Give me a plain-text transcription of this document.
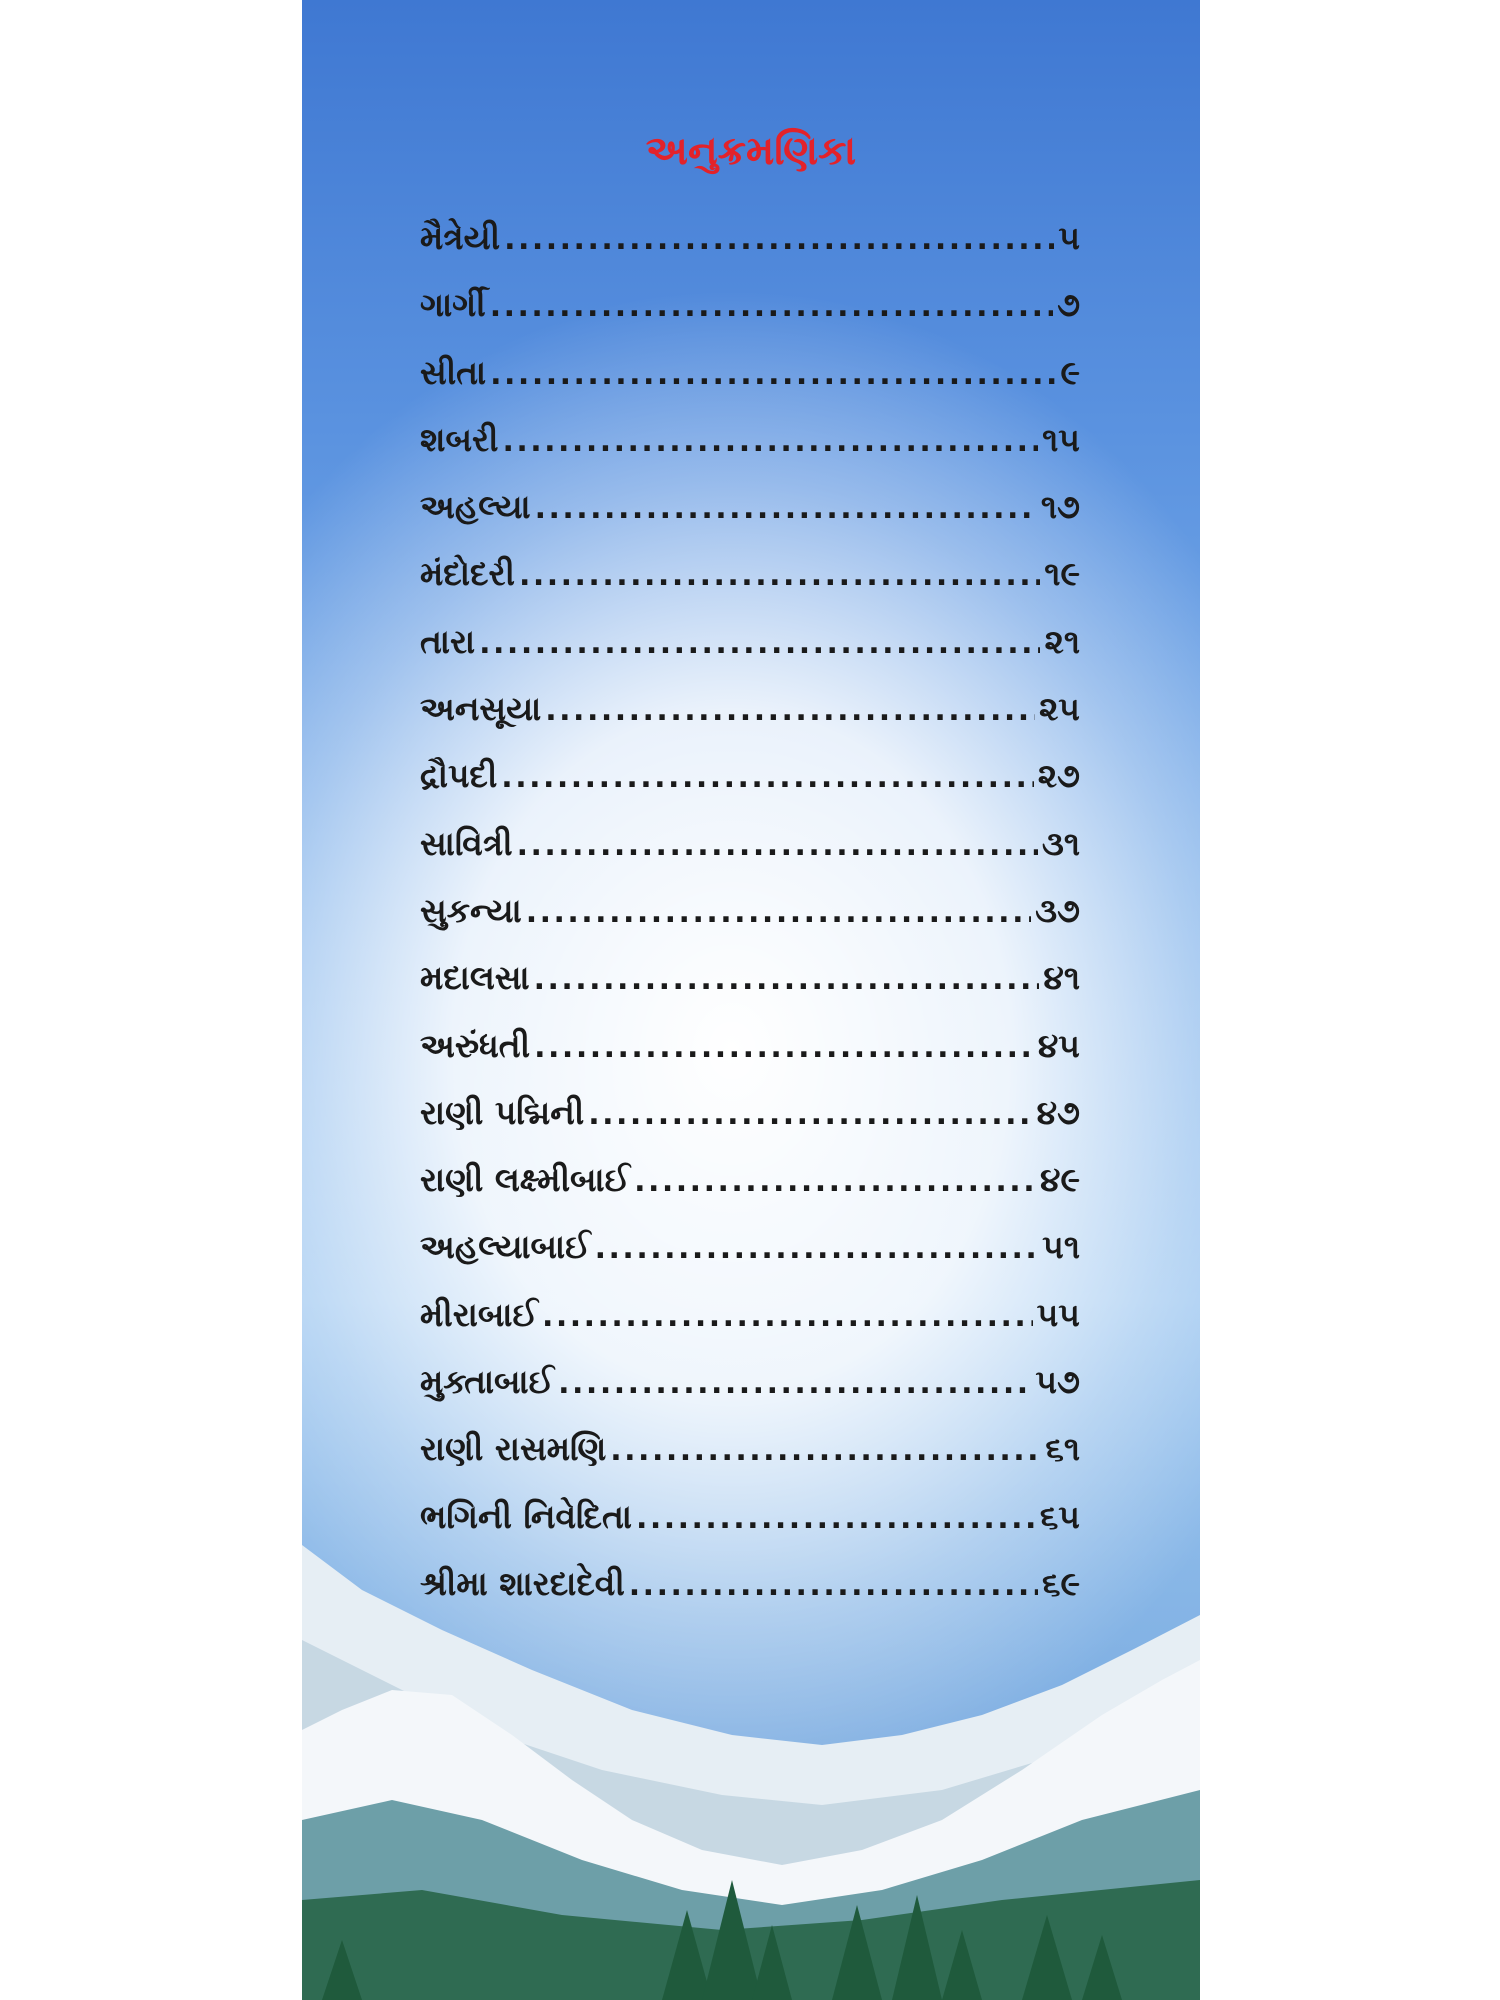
અનુક્રમણિકા
મૈત્રેયી .....	૫
ગાર્ગી .....	૭
સીતા .....	૯
શબરી .....	૧૫
અહલ્યા .....	૧૭
મંદોદરી .....	૧૯
તારા .....	૨૧
અનસૂયા .....	૨૫
દ્રૌપદી .....	૨૭
સાવિત્રી .....	૩૧
સુકન્યા .....	૩૭
મદાલસા .....	૪૧
અરુંધતી .....	૪૫
રાણી પદ્મિની .....	૪૭
રાણી લક્ષ્મીબાઈ .....	૪૯
અહલ્યાબાઈ .....	૫૧
મીરાબાઈ .....	૫૫
મુક્તાબાઈ .....	૫૭
રાણી રાસમણિ .....	૬૧
ભગિની નિવેદિતા .....	૬૫
શ્રીમા શારદાદેવી .....	૬૯
